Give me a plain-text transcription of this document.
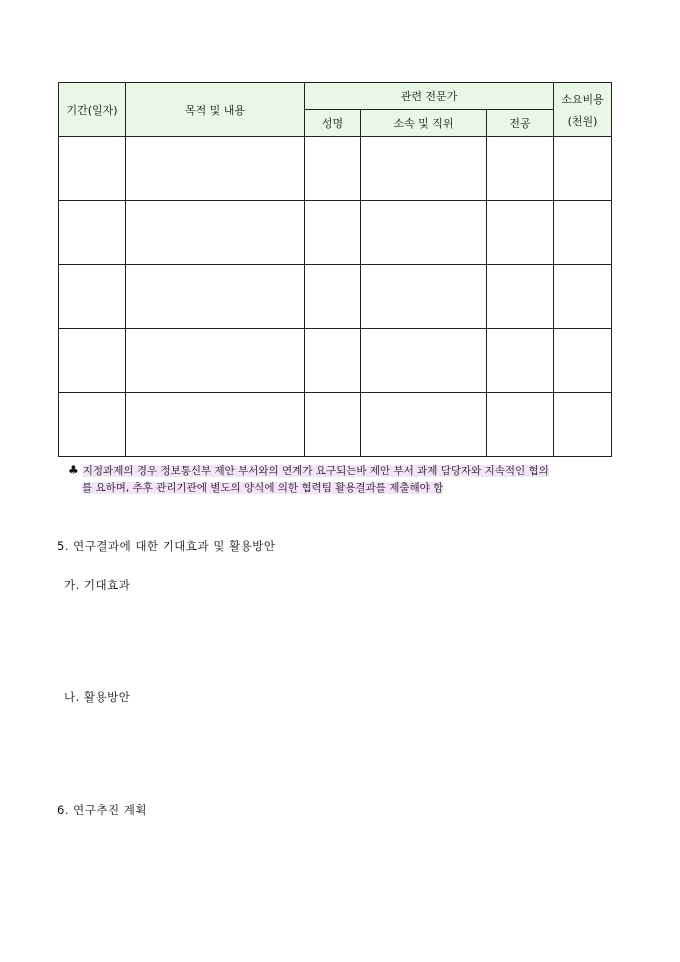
기간(일자)	목적 및 내용	관련 전문가			소요비용
(천원)

		성명	소속 및 직위	전공	

♣ 지정과제의 경우 정보통신부 제안 부서와의 연계가 요구되는바 제안 부서 과제 담당자와 지속적인 협의
를 요하며, 추후 관리기관에 별도의 양식에 의한 협력팀 활용결과를 제출해야 함
5. 연구결과에 대한 기대효과 및 활용방안
가. 기대효과
나. 활용방안
6. 연구추진 계획
